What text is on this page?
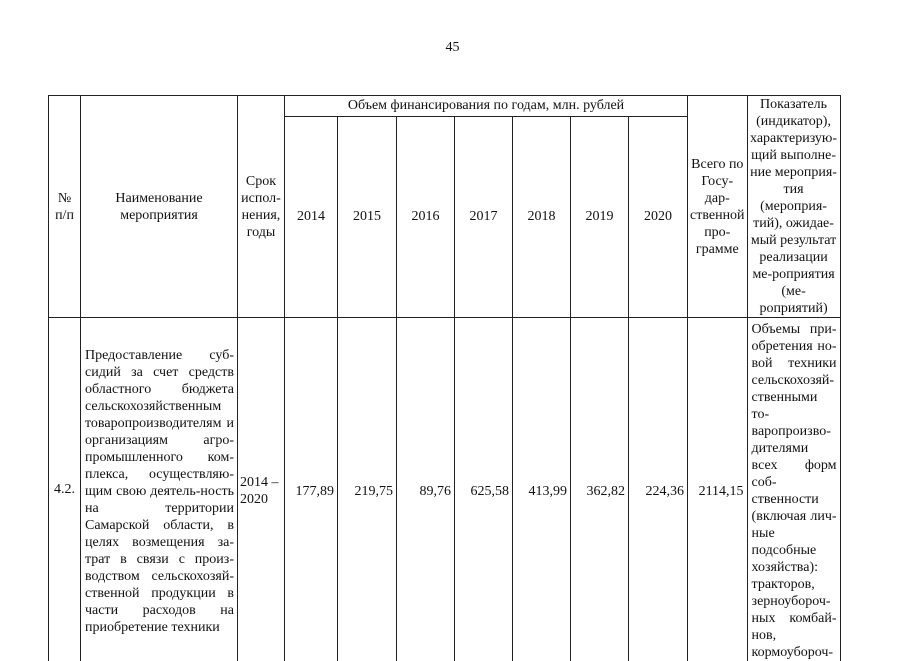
45
№ п/п	Наименование мероприятия	Срок испол-нения, годы	Объем финансирования по годам, млн. рублей							Всего по Госу-дар-ственной про-грамме	Показатель (индикатор), характеризую-щий выполне-ние мероприя-тия (мероприя-тий), ожидае-мый результат реализации ме-роприятия (ме-роприятий)
			2014	2015	2016	2017	2018	2019	2020		
4.2.	Предоставление суб-сидий за счет средств областного бюджета сельскохозяйственным товаропроизводителям и организациям агро-промышленного ком-плекса, осуществляю-щим свою деятель-ность на территории Самарской области, в целях возмещения за-трат в связи с произ-водством сельскохозяй-ственной продукции в части расходов на приобретение техники	2014 – 2020	177,89	219,75	89,76	625,58	413,99	362,82	224,36	2114,15	Объемы при-обретения но-вой техники сельскохозяй-ственными то-варопроизво-дителями всех форм соб-ственности (включая лич-ные подсобные хозяйства): тракторов, зерноубороч-ных комбай-нов, кормоубороч-
